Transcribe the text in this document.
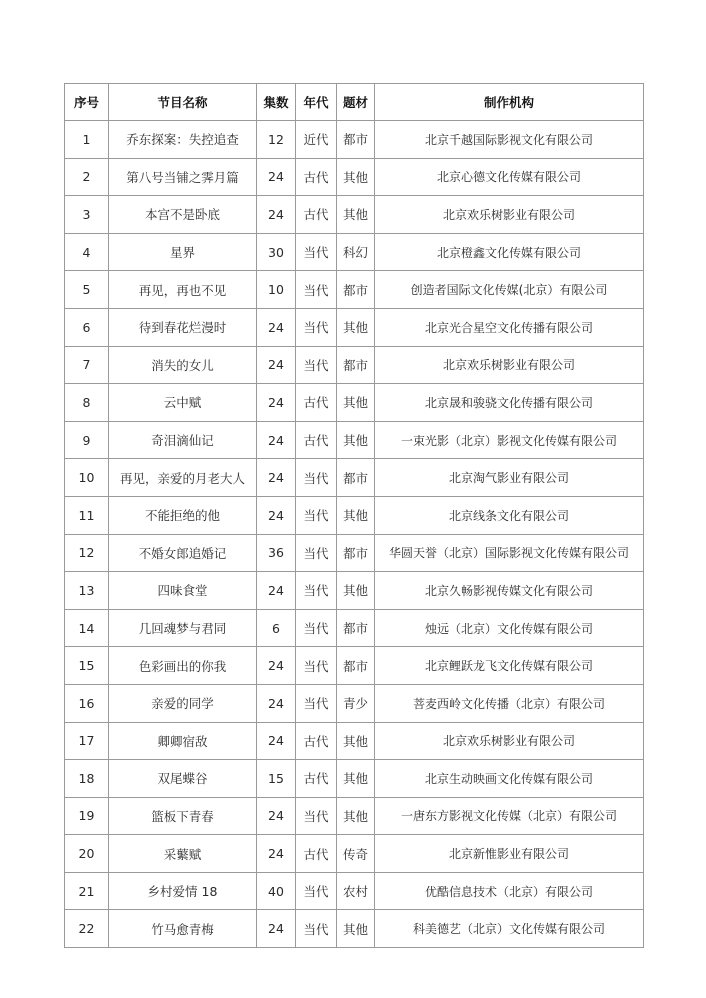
序号	节目名称	集数	年代	题材	制作机构
1	乔东探案：失控追查	12	近代	都市	北京千越国际影视文化有限公司
2	第八号当铺之霁月篇	24	古代	其他	北京心德文化传媒有限公司
3	本宫不是卧底	24	古代	其他	北京欢乐树影业有限公司
4	星界	30	当代	科幻	北京橙鑫文化传媒有限公司
5	再见，再也不见	10	当代	都市	创造者国际文化传媒(北京）有限公司
6	待到春花烂漫时	24	当代	其他	北京光合星空文化传播有限公司
7	消失的女儿	24	当代	都市	北京欢乐树影业有限公司
8	云中赋	24	古代	其他	北京晟和骏骁文化传播有限公司
9	奇泪滴仙记	24	古代	其他	一束光影（北京）影视文化传媒有限公司
10	再见，亲爱的月老大人	24	当代	都市	北京淘气影业有限公司
11	不能拒绝的他	24	当代	其他	北京线条文化有限公司
12	不婚女郎追婚记	36	当代	都市	华圆天誉（北京）国际影视文化传媒有限公司
13	四味食堂	24	当代	其他	北京久畅影视传媒文化有限公司
14	几回魂梦与君同	6	当代	都市	烛远（北京）文化传媒有限公司
15	色彩画出的你我	24	当代	都市	北京鲤跃龙飞文化传媒有限公司
16	亲爱的同学	24	当代	青少	菩麦西岭文化传播（北京）有限公司
17	卿卿宿敌	24	古代	其他	北京欢乐树影业有限公司
18	双尾蝶谷	15	古代	其他	北京生动映画文化传媒有限公司
19	篮板下青春	24	当代	其他	一唐东方影视文化传媒（北京）有限公司
20	采蘩赋	24	古代	传奇	北京新惟影业有限公司
21	乡村爱情 18	40	当代	农村	优酷信息技术（北京）有限公司
22	竹马愈青梅	24	当代	其他	科美德艺（北京）文化传媒有限公司
